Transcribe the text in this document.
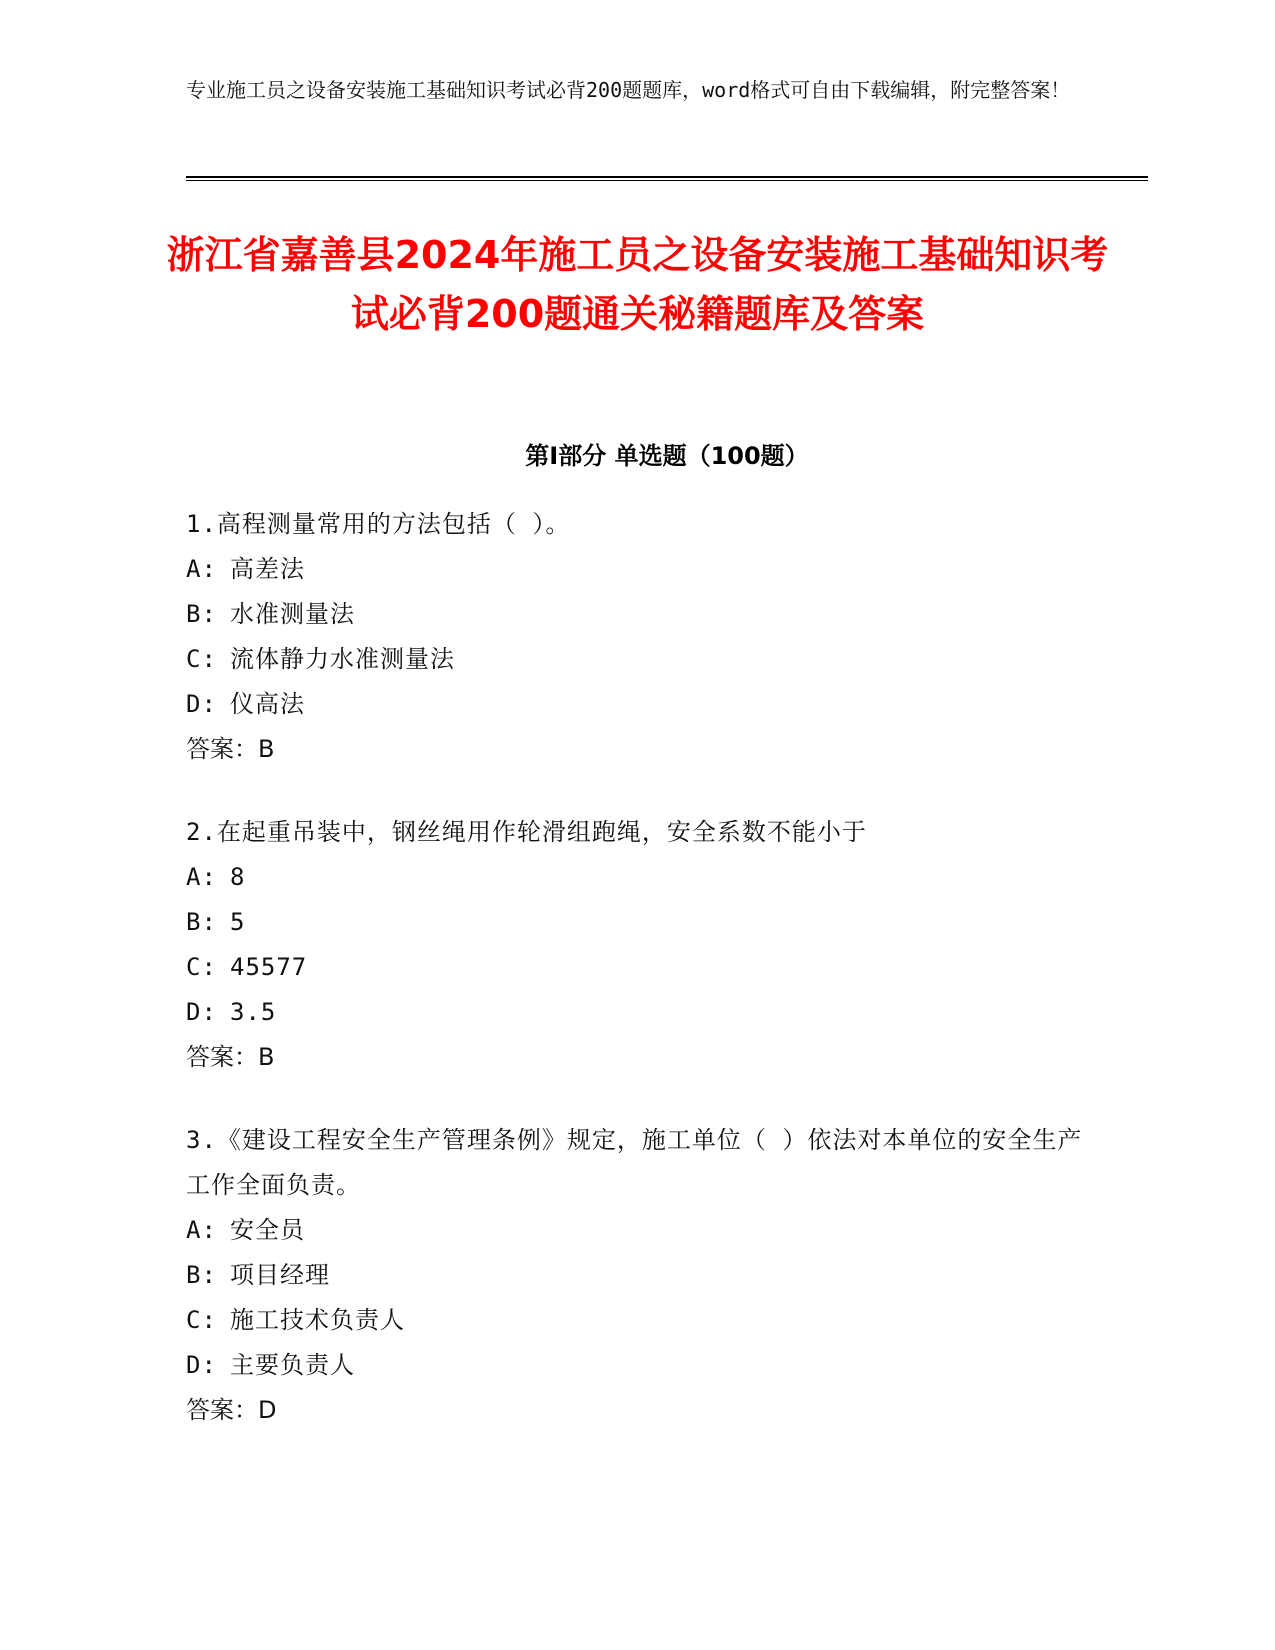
专业施工员之设备安装施工基础知识考试必背200题题库，word格式可自由下载编辑，附完整答案！
浙江省嘉善县2024年施工员之设备安装施工基础知识考试必背200题通关秘籍题库及答案
第Ⅰ部分 单选题（100题）
1.高程测量常用的方法包括（ ）。
A: 高差法
B: 水准测量法
C: 流体静力水准测量法
D: 仪高法
答案：B
2.在起重吊装中，钢丝绳用作轮滑组跑绳，安全系数不能小于
A: 8
B: 5
C: 45577
D: 3.5
答案：B
3.《建设工程安全生产管理条例》规定，施工单位（ ）依法对本单位的安全生产工作全面负责。
A: 安全员
B: 项目经理
C: 施工技术负责人
D: 主要负责人
答案：D
